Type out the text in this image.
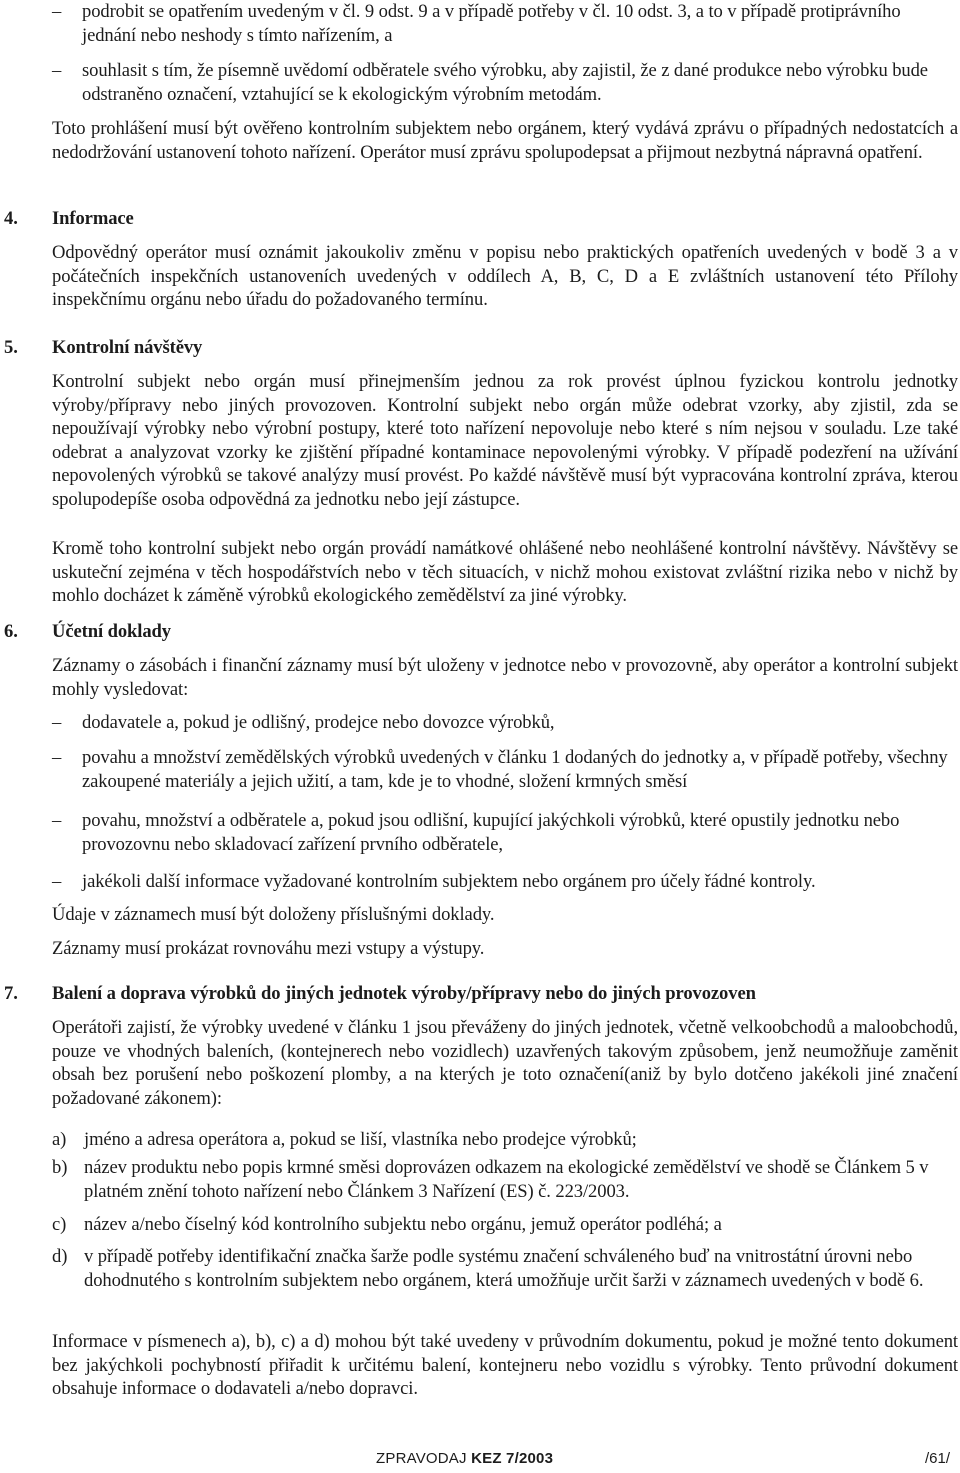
– podrobit se opatřením uvedeným v čl. 9 odst. 9 a v případě potřeby v čl. 10 odst. 3, a to v případě protiprávního jednání nebo neshody s tímto nařízením, a
– souhlasit s tím, že písemně uvědomí odběratele svého výrobku, aby zajistil, že z dané produkce nebo výrobku bude odstraněno označení, vztahující se k ekologickým výrobním metodám.

Toto prohlášení musí být ověřeno kontrolním subjektem nebo orgánem, který vydává zprávu o případných nedostatcích a nedodržování ustanovení tohoto nařízení. Operátor musí zprávu spolupodepsat a přijmout nezbytná nápravná opatření.

4. Informace

Odpovědný operátor musí oznámit jakoukoliv změnu v popisu nebo praktických opatřeních uvedených v bodě 3 a v počátečních inspekčních ustanoveních uvedených v oddílech A, B, C, D a E zvláštních ustanovení této Přílohy inspekčnímu orgánu nebo úřadu do požadovaného termínu.

5. Kontrolní návštěvy

Kontrolní subjekt nebo orgán musí přinejmenším jednou za rok provést úplnou fyzickou kontrolu jednotky výroby/přípravy nebo jiných provozoven. Kontrolní subjekt nebo orgán může odebrat vzorky, aby zjistil, zda se nepoužívají výrobky nebo výrobní postupy, které toto nařízení nepovoluje nebo které s ním nejsou v souladu. Lze také odebrat a analyzovat vzorky ke zjištění případné kontaminace nepovolenými výrobky. V případě podezření na užívání nepovolených výrobků se takové analýzy musí provést. Po každé návštěvě musí být vypracována kontrolní zpráva, kterou spolupodepíše osoba odpovědná za jednotku nebo její zástupce.

Kromě toho kontrolní subjekt nebo orgán provádí namátkové ohlášené nebo neohlášené kontrolní návštěvy. Návštěvy se uskuteční zejména v těch hospodářstvích nebo v těch situacích, v nichž mohou existovat zvláštní rizika nebo v nichž by mohlo docházet k záměně výrobků ekologického zemědělství za jiné výrobky.

6. Účetní doklady

Záznamy o zásobách i finanční záznamy musí být uloženy v jednotce nebo v provozovně, aby operátor a kontrolní subjekt mohly vysledovat:

– dodavatele a, pokud je odlišný, prodejce nebo dovozce výrobků,
– povahu a množství zemědělských výrobků uvedených v článku 1 dodaných do jednotky a, v případě potřeby, všechny zakoupené materiály a jejich užití, a tam, kde je to vhodné, složení krmných směsí
– povahu, množství a odběratele a, pokud jsou odlišní, kupující jakýchkoli výrobků, které opustily jednotku nebo provozovnu nebo skladovací zařízení prvního odběratele,
– jakékoli další informace vyžadované kontrolním subjektem nebo orgánem pro účely řádné kontroly.

Údaje v záznamech musí být doloženy příslušnými doklady.

Záznamy musí prokázat rovnováhu mezi vstupy a výstupy.

7. Balení a doprava výrobků do jiných jednotek výroby/přípravy nebo do jiných provozoven

Operátoři zajistí, že výrobky uvedené v článku 1 jsou převáženy do jiných jednotek, včetně velkoobchodů a maloobchodů, pouze ve vhodných baleních, (kontejnerech nebo vozidlech) uzavřených takovým způsobem, jenž neumožňuje zaměnit obsah bez porušení nebo poškození plomby, a na kterých je toto označení(aniž by bylo dotčeno jakékoli jiné značení požadované zákonem):

a) jméno a adresa operátora a, pokud se liší, vlastníka nebo prodejce výrobků;
b) název produktu nebo popis krmné směsi doprovázen odkazem na ekologické zemědělství ve shodě se Článkem 5 v platném znění tohoto nařízení nebo Článkem 3 Nařízení (ES) č. 223/2003.
c) název a/nebo číselný kód kontrolního subjektu nebo orgánu, jemuž operátor podléhá; a
d) v případě potřeby identifikační značka šarže podle systému značení schváleného buď na vnitrostátní úrovni nebo dohodnutého s kontrolním subjektem nebo orgánem, která umožňuje určit šarži v záznamech uvedených v bodě 6.

Informace v písmenech a), b), c) a d) mohou být také uvedeny v průvodním dokumentu, pokud je možné tento dokument bez jakýchkoli pochybností přiřadit k určitému balení, kontejneru nebo vozidlu s výrobky. Tento průvodní dokument obsahuje informace o dodavateli a/nebo dopravci.

ZPRAVODAJ KEZ 7/2003	/61/
